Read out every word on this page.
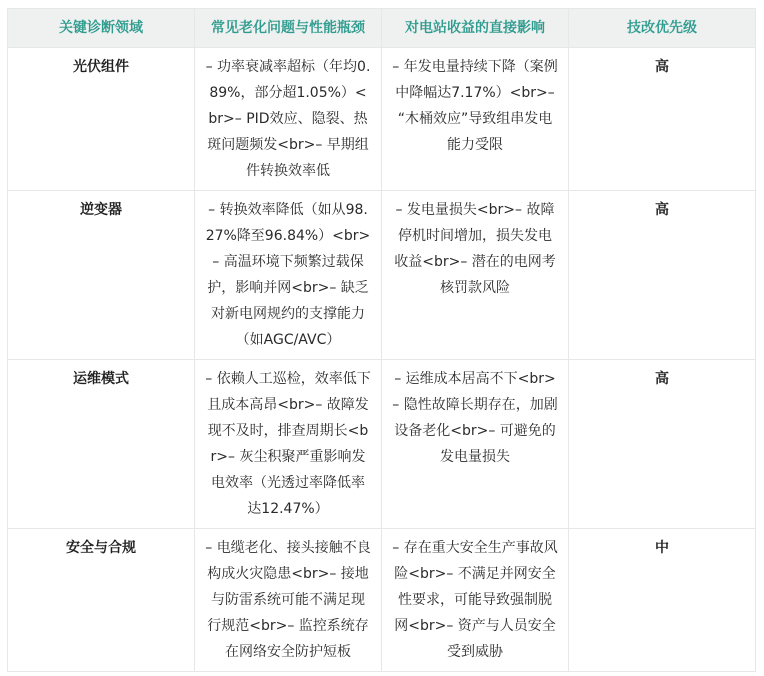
关键诊断领域	常见老化问题与性能瓶颈	对电站收益的直接影响	技改优先级
光伏组件	– 功率衰减率超标（年均0.89%，部分超1.05%）<br>– PID效应、隐裂、热斑问题频发<br>– 早期组件转换效率低	– 年发电量持续下降（案例中降幅达7.17%）<br>– “木桶效应”导致组串发电能力受限	高
逆变器	– 转换效率降低（如从98.27%降至96.84%）<br>– 高温环境下频繁过载保护，影响并网<br>– 缺乏对新电网规约的支撑能力（如AGC/AVC）	– 发电量损失<br>– 故障停机时间增加，损失发电收益<br>– 潜在的电网考核罚款风险	高
运维模式	– 依赖人工巡检，效率低下且成本高昂<br>– 故障发现不及时，排查周期长<br>– 灰尘积聚严重影响发电效率（光透过率降低率达12.47%）	– 运维成本居高不下<br>– 隐性故障长期存在，加剧设备老化<br>– 可避免的发电量损失	高
安全与合规	– 电缆老化、接头接触不良构成火灾隐患<br>– 接地与防雷系统可能不满足现行规范<br>– 监控系统存在网络安全防护短板	– 存在重大安全生产事故风险<br>– 不满足并网安全性要求，可能导致强制脱网<br>– 资产与人员安全受到威胁	中
